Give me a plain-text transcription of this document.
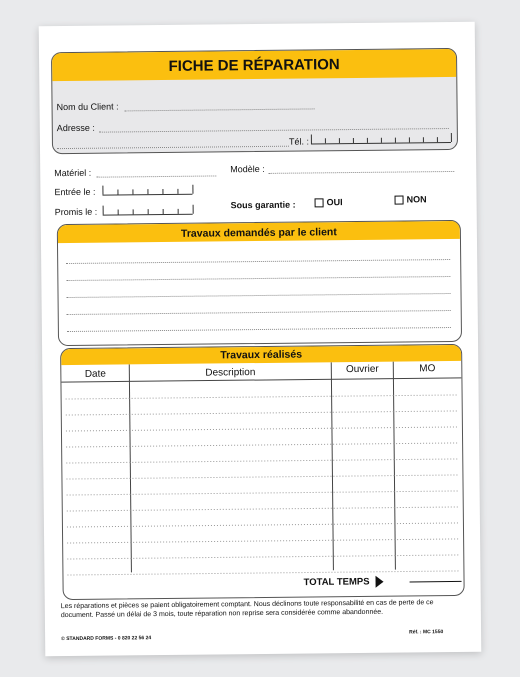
FICHE DE RÉPARATION
Nom du Client :
Adresse :
Tél. :
Matériel :	Modèle :
Entrée le :
Promis le :
Sous garantie :	OUI	NON
Travaux demandés par le client
Travaux réalisés
Date	Description	Ouvrier	MO
TOTAL TEMPS
Les réparations et pièces se paient obligatoirement comptant. Nous déclinons toute responsabilité en cas de perte de ce document. Passé un délai de 3 mois, toute réparation non reprise sera considérée comme abandonnée.
© STANDARD FORMS - 0 820 22 56 24
Réf. : MC 1550
